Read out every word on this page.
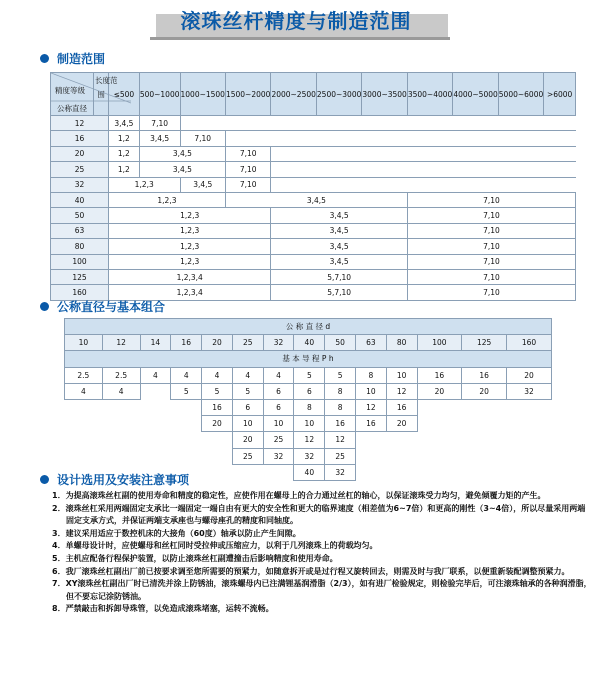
滚珠丝杆精度与制造范围
制造范围
长度范
精度等级
公称直径	围	≤500	500~1000	1000~1500	1500~2000	2000~2500	2500~3000	3000~3500	3500~4000	4000~5000	5000~6000	>6000
12		3,4,5	7,10									
16		1,2	3,4,5	7,10								
20		1,2	3,4,5		7,10							
25		1,2	3,4,5		7,10							
32		1,2,3		3,4,5	7,10							
40		1,2,3			3,4,5				7,10			
50		1,2,3				3,4,5			7,10			
63		1,2,3				3,4,5			7,10			
80		1,2,3				3,4,5			7,10			
100		1,2,3				3,4,5			7,10			
125		1,2,3,4				5,7,10			7,10			
160		1,2,3,4				5,7,10			7,10			
公称直径与基本组合
公 称 直 径 d													
10	12	14	16	20	25	32	40	50	63	80	100	125	160
基 本 导 程 P h													
2.5	2.5	4	4	4	4	4	5	5	8	10	16	16	20
4	4		5	5	5	6	6	8	10	12	20	20	32
				16	6	6	8	8	12	16			
				20	10	10	10	16	16	20			
					20	25	12	12					
					25	32	32	25					
							40	32					
设计选用及安装注意事项
1．为提高滚珠丝杠副的使用寿命和精度的稳定性，应使作用在螺母上的合力通过丝杠的轴心，以保证滚珠受力均匀，避免倾覆力矩的产生。
2．滚珠丝杠采用两端固定支承比一端固定一端自由有更大的安全性和更大的临界速度（相差值为6~7倍）和更高的刚性（3~4倍），所以尽量采用两端固定支承方式，并保证两端支承座也与螺母座孔的精度和同轴度。
3．建议采用适应于数控机床的大接角（60度）轴承以防止产生间隙。
4．单螺母设计时，应使螺母和丝杠同时受拉伸或压缩应力，以利于几列滚珠上的荷载均匀。
5．主机应配备行程保护装置，以防止滚珠丝杠副遭撞击后影响精度和使用寿命。
6．我厂滚珠丝杠副出厂前已按要求调至您所需要的预紧力，如随意拆开或是过行程又旋转回去，则需及时与我厂联系，以便重新装配调整预紧力。
7．XY滚珠丝杠副出厂时已清洗并涂上防锈油，滚珠螺母内已注满锂基润滑脂（2/3），如有进厂检验规定，则检验完毕后，可注滚珠轴承的各种润滑脂，但不要忘记涂防锈油。
8．严禁敲击和拆卸导珠管，以免造成滚珠堵塞，运转不流畅。
